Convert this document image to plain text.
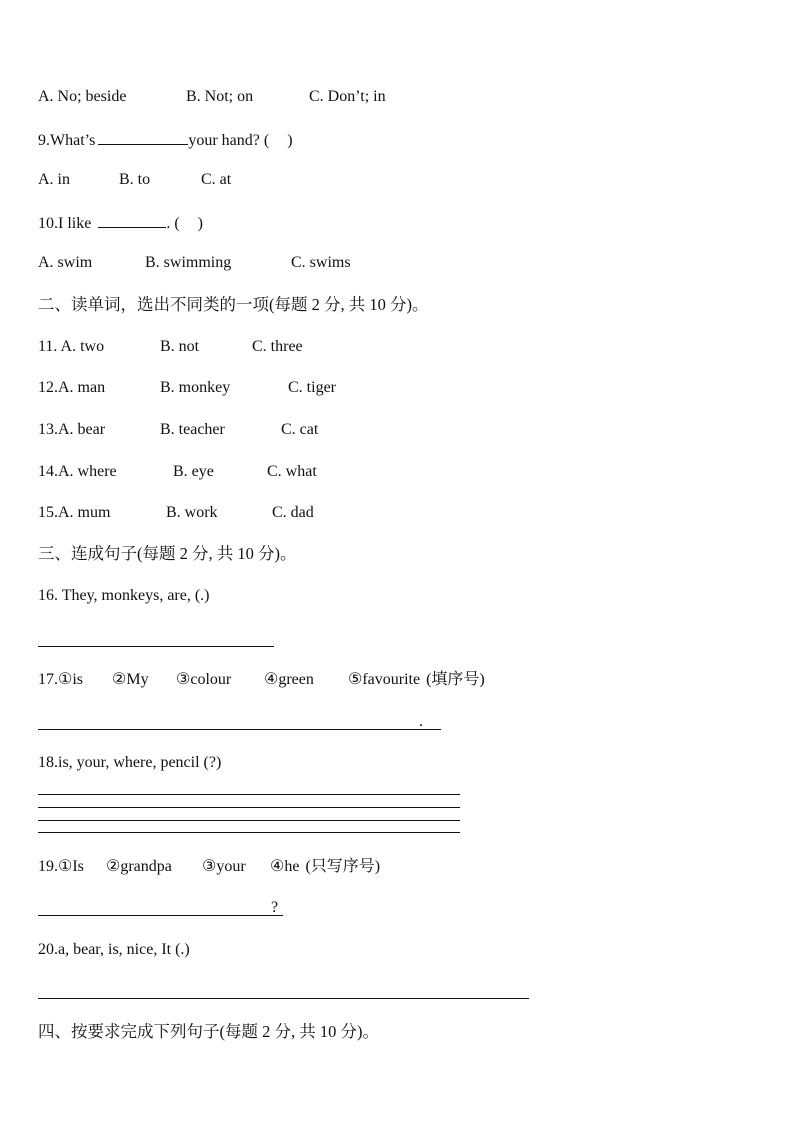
A. No; beside	B. Not; on	C. Don’t; in
9.What’s	your hand? ( )
A. in	B. to	C. at
10.I like	. ( )
A. swim	B. swimming	C. swims
二、读单词，选出不同类的一项(每题 2 分, 共 10 分)。
11. A. two	B. not	C. three
12.A. man	B. monkey	C. tiger
13.A. bear	B. teacher	C. cat
14.A. where	B. eye	C. what
15.A. mum	B. work	C. dad
三、连成句子(每题 2 分, 共 10 分)。
16. They, monkeys, are, (.)
17.①is ②My ③colour ④green ⑤favourite (填序号)
.
18.is, your, where, pencil (?)
19.①Is ②grandpa ③your ④he (只写序号)
?
20.a, bear, is, nice, It (.)
四、按要求完成下列句子(每题 2 分, 共 10 分)。
